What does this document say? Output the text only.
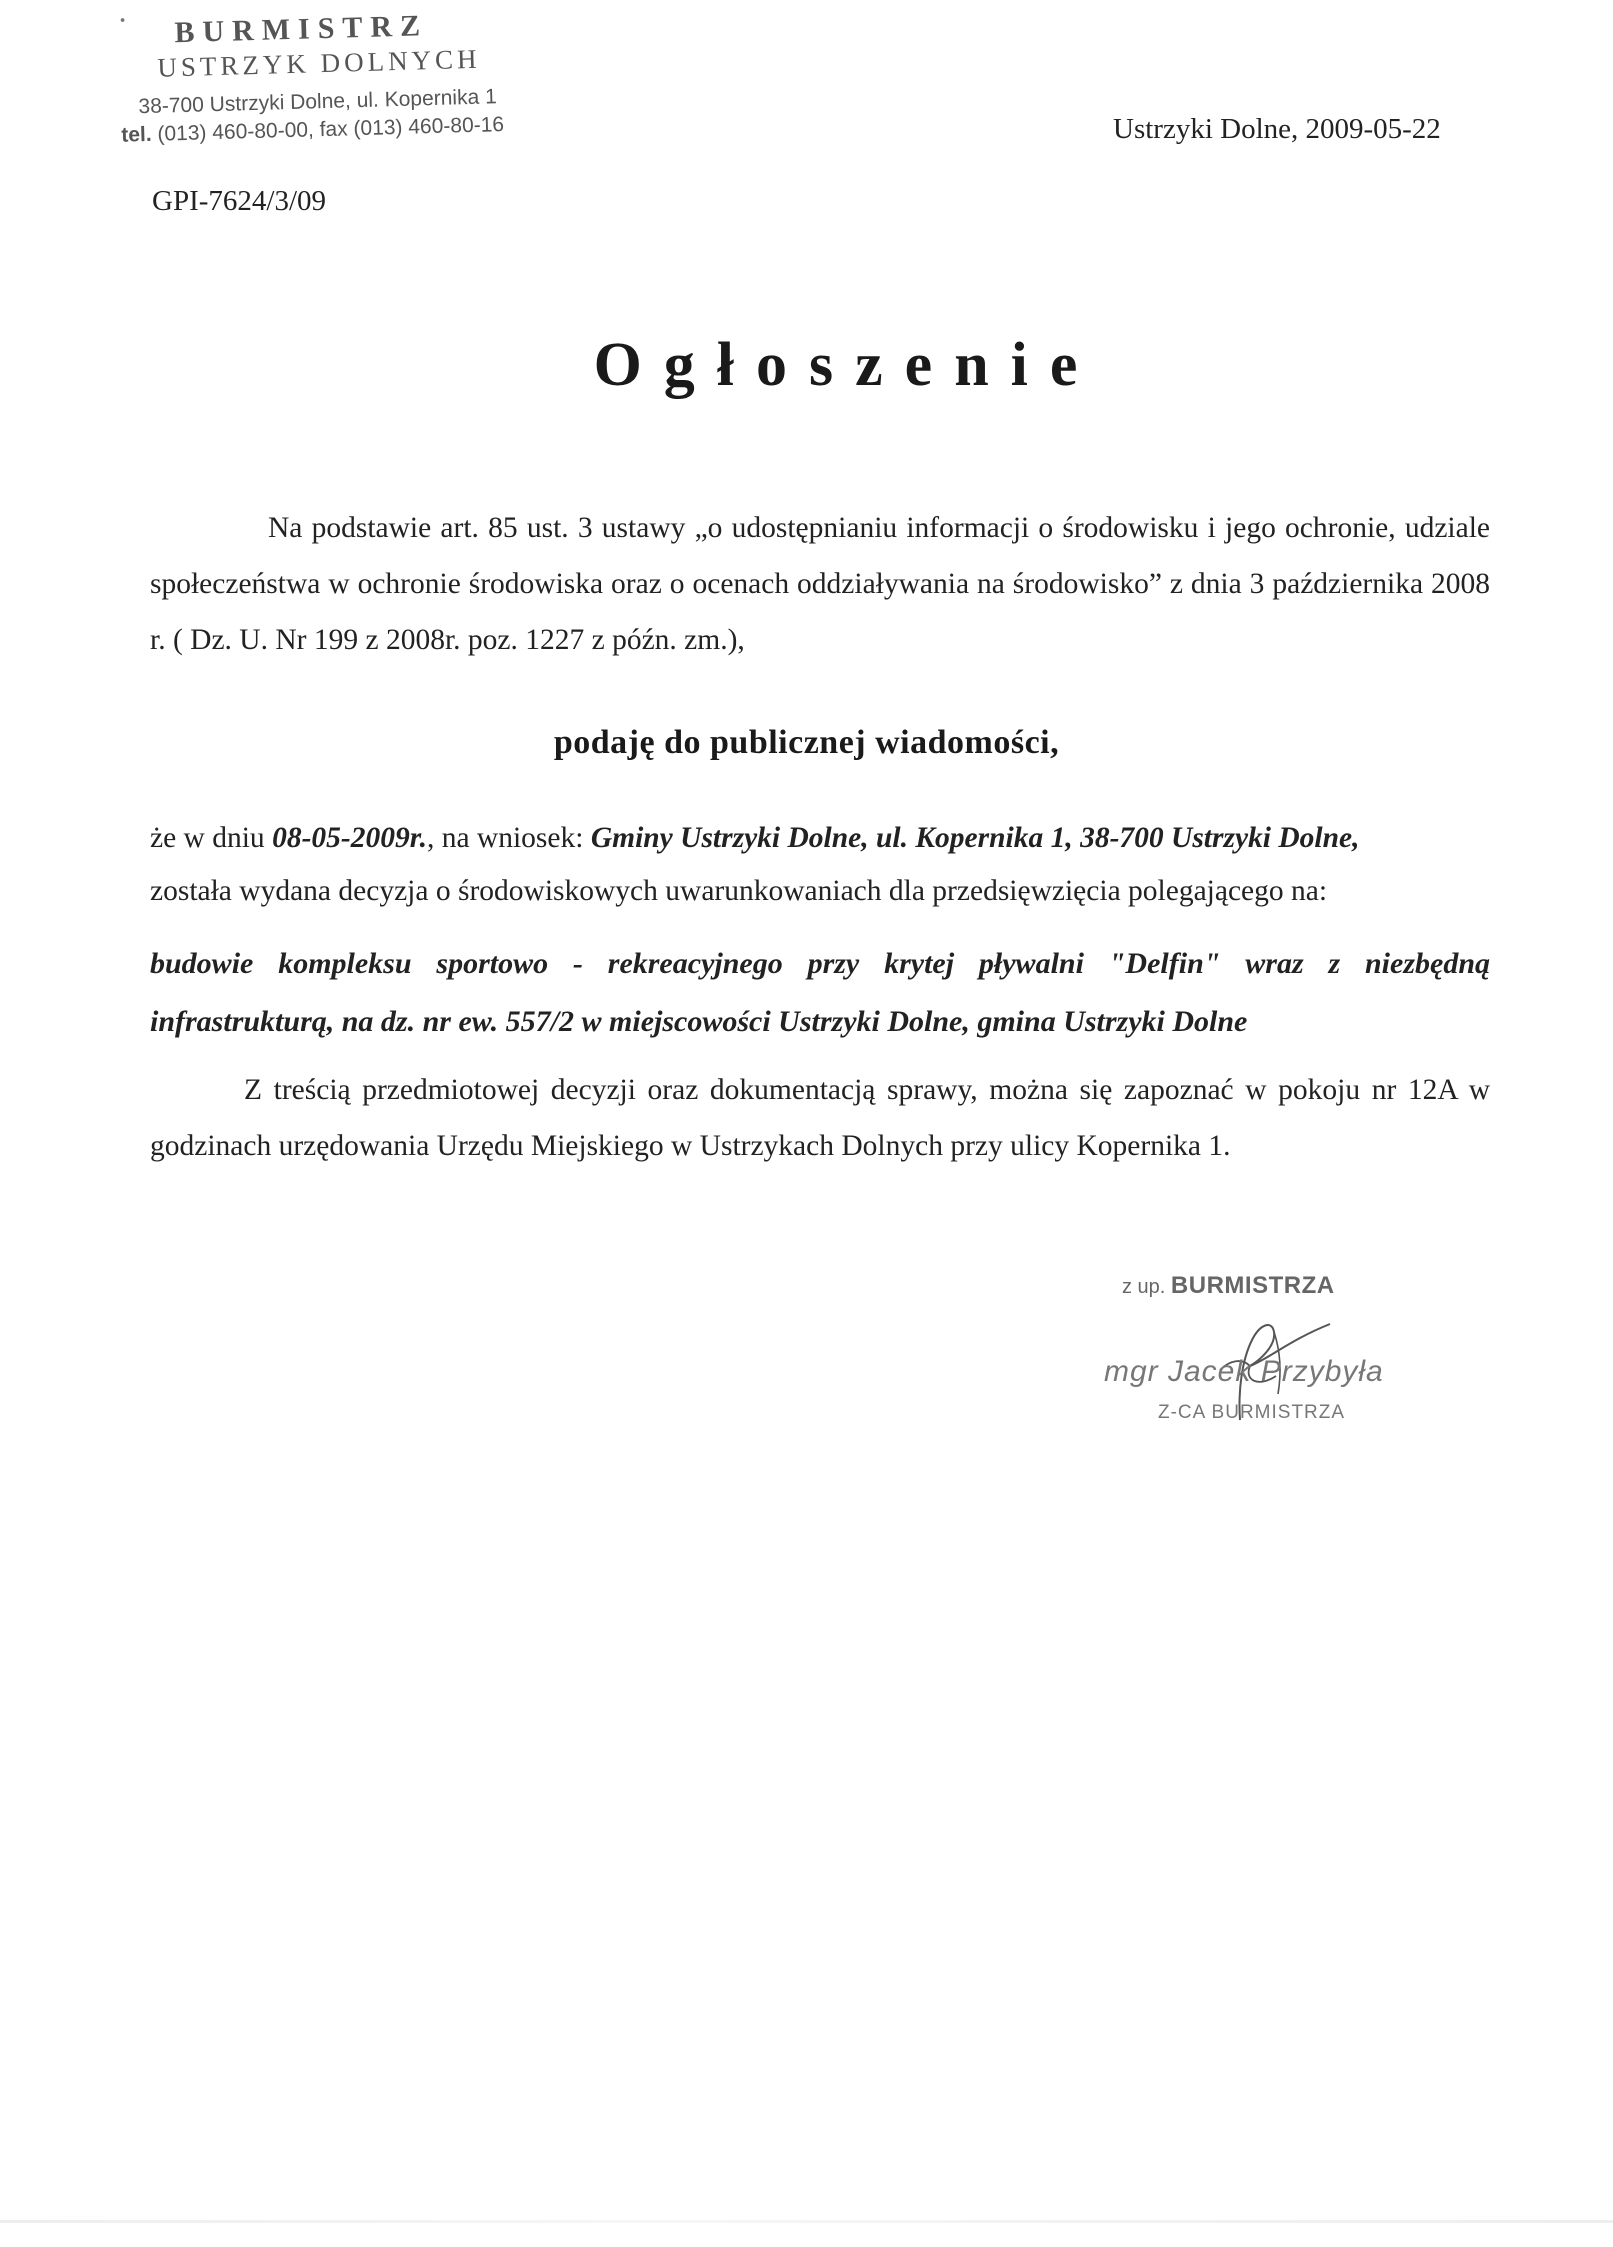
• BURMISTRZ
USTRZYK DOLNYCH
38-700 Ustrzyki Dolne, ul. Kopernika 1
tel. (013) 460-80-00, fax (013) 460-80-16	Ustrzyki Dolne, 2009-05-22
GPI-7624/3/09
Ogłoszenie
Na podstawie art. 85 ust. 3 ustawy „o udostępnianiu informacji o środowisku i jego ochronie, udziale społeczeństwa w ochronie środowiska oraz o ocenach oddziaływania na środowisko” z dnia 3 października 2008 r. ( Dz. U. Nr 199 z 2008r. poz. 1227 z późn. zm.),
podaję do publicznej wiadomości,
że w dniu 08-05-2009r., na wniosek: Gminy Ustrzyki Dolne, ul. Kopernika 1, 38-700 Ustrzyki Dolne,
została wydana decyzja o środowiskowych uwarunkowaniach dla przedsięwzięcia polegającego na:
budowie kompleksu sportowo - rekreacyjnego przy krytej pływalni "Delfin" wraz z niezbędną infrastrukturą, na dz. nr ew. 557/2 w miejscowości Ustrzyki Dolne, gmina Ustrzyki Dolne
Z treścią przedmiotowej decyzji oraz dokumentacją sprawy, można się zapoznać w pokoju nr 12A w godzinach urzędowania Urzędu Miejskiego w Ustrzykach Dolnych przy ulicy Kopernika 1.
z up. BURMISTRZA
mgr Jacek Przybyła
Z-CA BURMISTRZA
